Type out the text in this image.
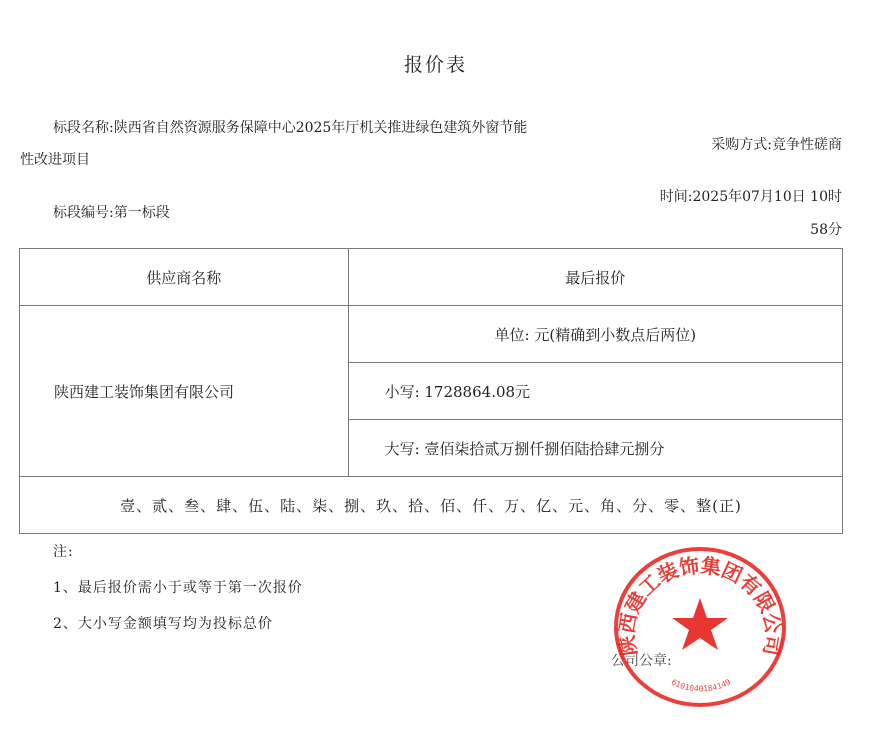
报价表
标段名称:陕西省自然资源服务保障中心2025年厅机关推进绿色建筑外窗节能
性改进项目
标段编号:第一标段
采购方式:竞争性磋商
时间:2025年07月10日 10时
58分
供应商名称	最后报价
陕西建工装饰集团有限公司	单位: 元(精确到小数点后两位)
	小写: 1728864.08元
	大写: 壹佰柒拾贰万捌仟捌佰陆拾肆元捌分
壹、贰、叁、肆、伍、陆、柒、捌、玖、拾、佰、仟、万、亿、元、角、分、零、整(正)	
注:
1、最后报价需小于或等于第一次报价
2、大小写金额填写均为投标总价
公司公章:
陕西建工装饰集团有限公司
6101040184149
